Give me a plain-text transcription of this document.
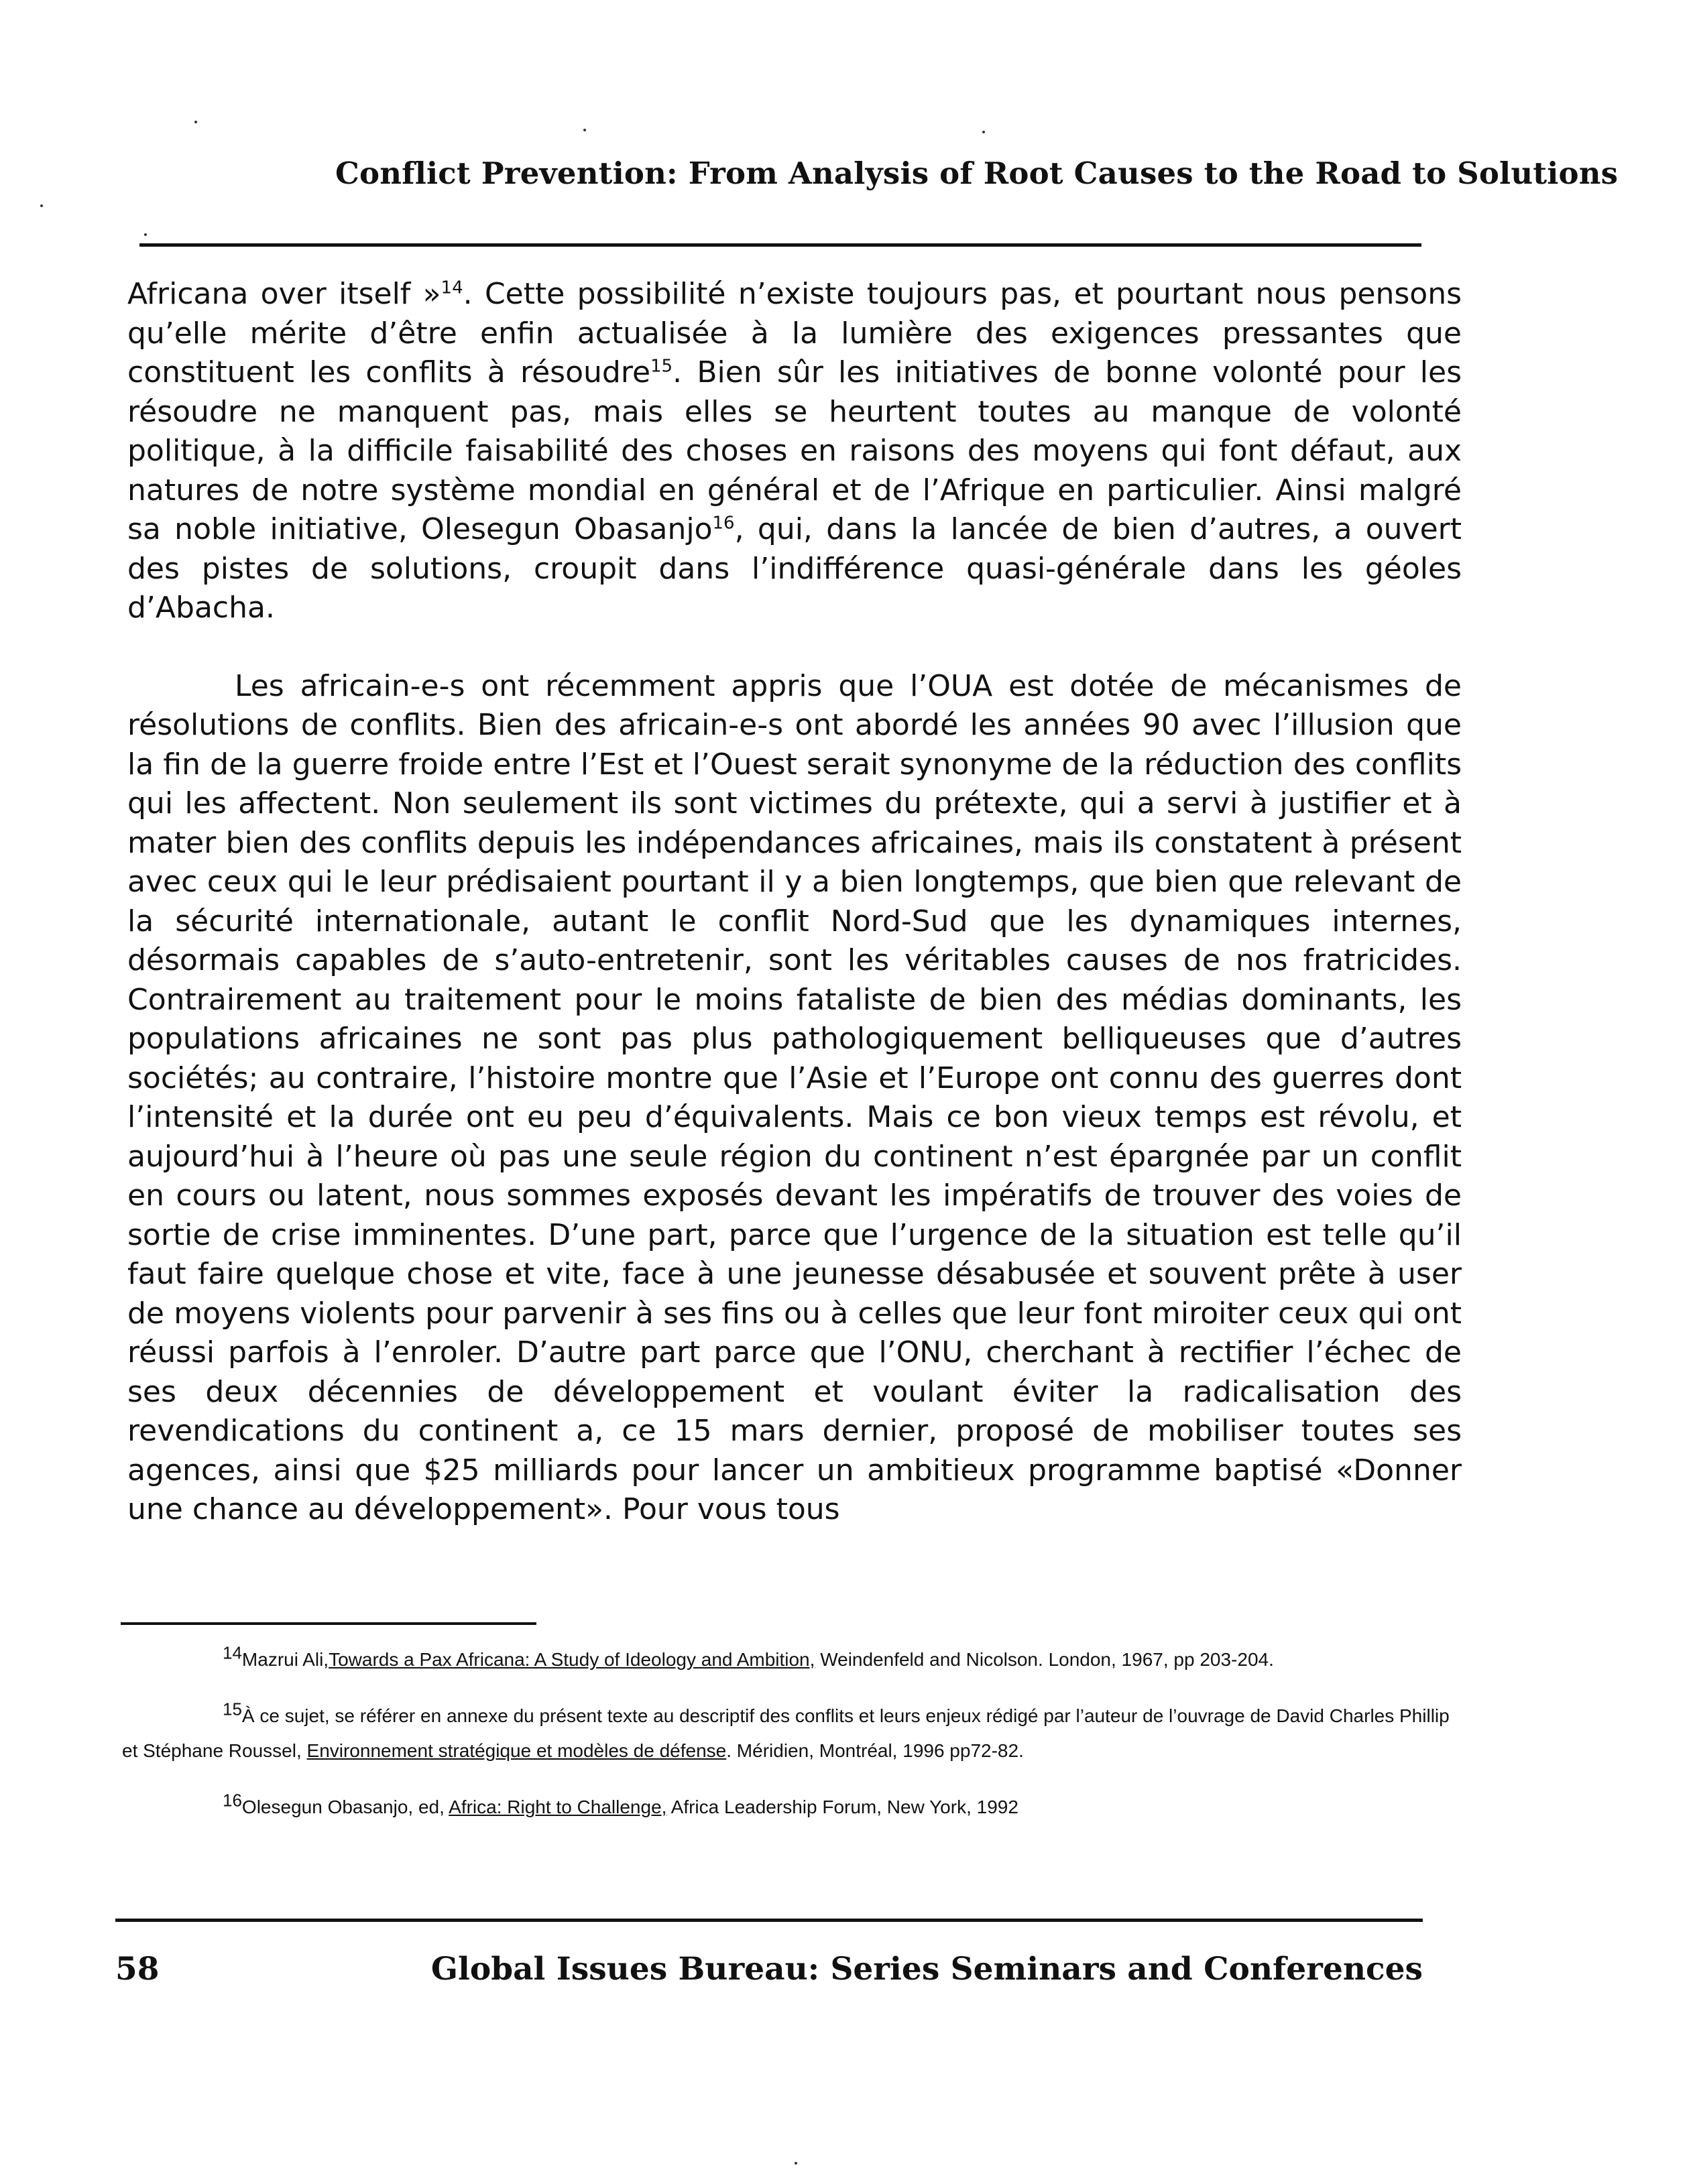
Conflict Prevention: From Analysis of Root Causes to the Road to Solutions

Africana over itself »$^{14}$. Cette possibilité n’existe toujours pas, et pourtant nous pensons qu’elle mérite d’être enfin actualisée à la lumière des exigences pressantes que constituent les conflits à résoudre$^{15}$. Bien sûr les initiatives de bonne volonté pour les résoudre ne manquent pas, mais elles se heurtent toutes au manque de volonté politique, à la difficile faisabilité des choses en raisons des moyens qui font défaut, aux natures de notre système mondial en général et de l’Afrique en particulier. Ainsi malgré sa noble initiative, Olesegun Obasanjo$^{16}$, qui, dans la lancée de bien d’autres, a ouvert des pistes de solutions, croupit dans l’indifférence quasi-générale dans les géoles d’Abacha.

Les africain-e-s ont récemment appris que l’OUA est dotée de mécanismes de résolutions de conflits. Bien des africain-e-s ont abordé les années 90 avec l’illusion que la fin de la guerre froide entre l’Est et l’Ouest serait synonyme de la réduction des conflits qui les affectent. Non seulement ils sont victimes du prétexte, qui a servi à justifier et à mater bien des conflits depuis les indépendances africaines, mais ils constatent à présent avec ceux qui le leur prédisaient pourtant il y a bien longtemps, que bien que relevant de la sécurité internationale, autant le conflit Nord-Sud que les dynamiques internes, désormais capables de s’auto-entretenir, sont les véritables causes de nos fratricides. Contrairement au traitement pour le moins fataliste de bien des médias dominants, les populations africaines ne sont pas plus pathologiquement belliqueuses que d’autres sociétés; au contraire, l’histoire montre que l’Asie et l’Europe ont connu des guerres dont l’intensité et la durée ont eu peu d’équivalents. Mais ce bon vieux temps est révolu, et aujourd’hui à l’heure où pas une seule région du continent n’est épargnée par un conflit en cours ou latent, nous sommes exposés devant les impératifs de trouver des voies de sortie de crise imminentes. D’une part, parce que l’urgence de la situation est telle qu’il faut faire quelque chose et vite, face à une jeunesse désabusée et souvent prête à user de moyens violents pour parvenir à ses fins ou à celles que leur font miroiter ceux qui ont réussi parfois à l’enroler. D’autre part parce que l’ONU, cherchant à rectifier l’échec de ses deux décennies de développement et voulant éviter la radicalisation des revendications du continent a, ce 15 mars dernier, proposé de mobiliser toutes ses agences, ainsi que $25 milliards pour lancer un ambitieux programme baptisé «Donner une chance au développement». Pour vous tous

$^{14}$Mazrui Ali,Towards a Pax Africana: A Study of Ideology and Ambition, Weindenfeld and Nicolson. London, 1967, pp 203-204.

$^{15}$À ce sujet, se référer en annexe du présent texte au descriptif des conflits et leurs enjeux rédigé par l’auteur de l’ouvrage de David Charles Phillip et Stéphane Roussel, Environnement stratégique et modèles de défense. Méridien, Montréal, 1996 pp72-82.

$^{16}$Olesegun Obasanjo, ed, Africa: Right to Challenge, Africa Leadership Forum, New York, 1992

58	Global Issues Bureau: Series Seminars and Conferences
